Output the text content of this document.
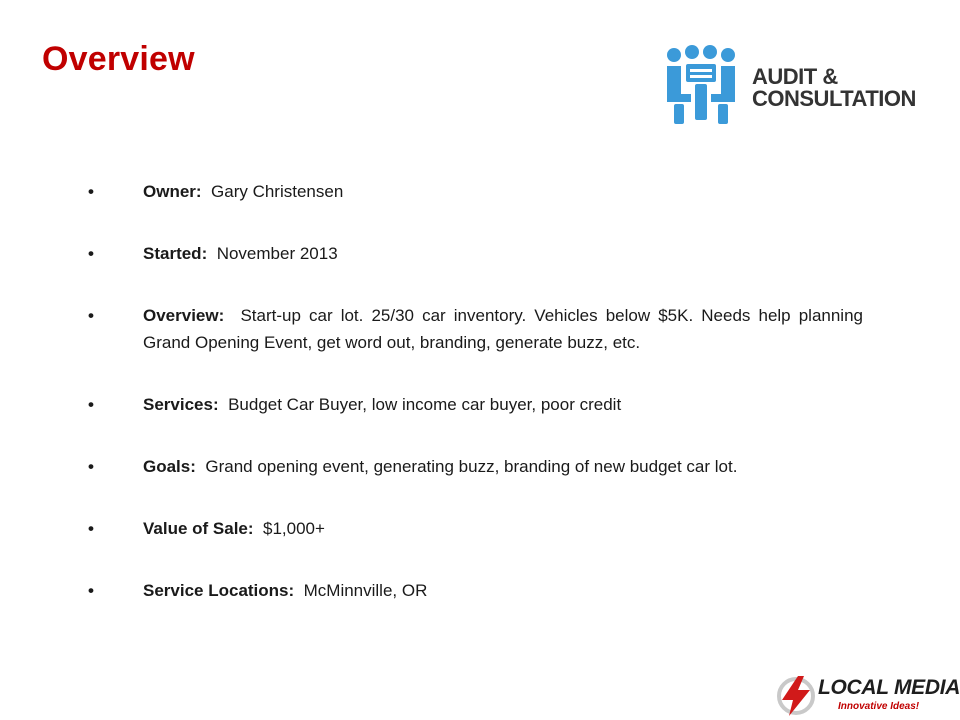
Overview	AUDIT &
CONSULTATION
•	Owner: Gary Christensen
•	Started: November 2013
•	Overview: Start-up car lot. 25/30 car inventory. Vehicles below $5K. Needs help planning Grand Opening Event, get word out, branding, generate buzz, etc.
•	Services: Budget Car Buyer, low income car buyer, poor credit
•	Goals: Grand opening event, generating buzz, branding of new budget car lot.
•	Value of Sale: $1,000+
•	Service Locations: McMinnville, OR
LOCAL MEDIA
Innovative Ideas!
